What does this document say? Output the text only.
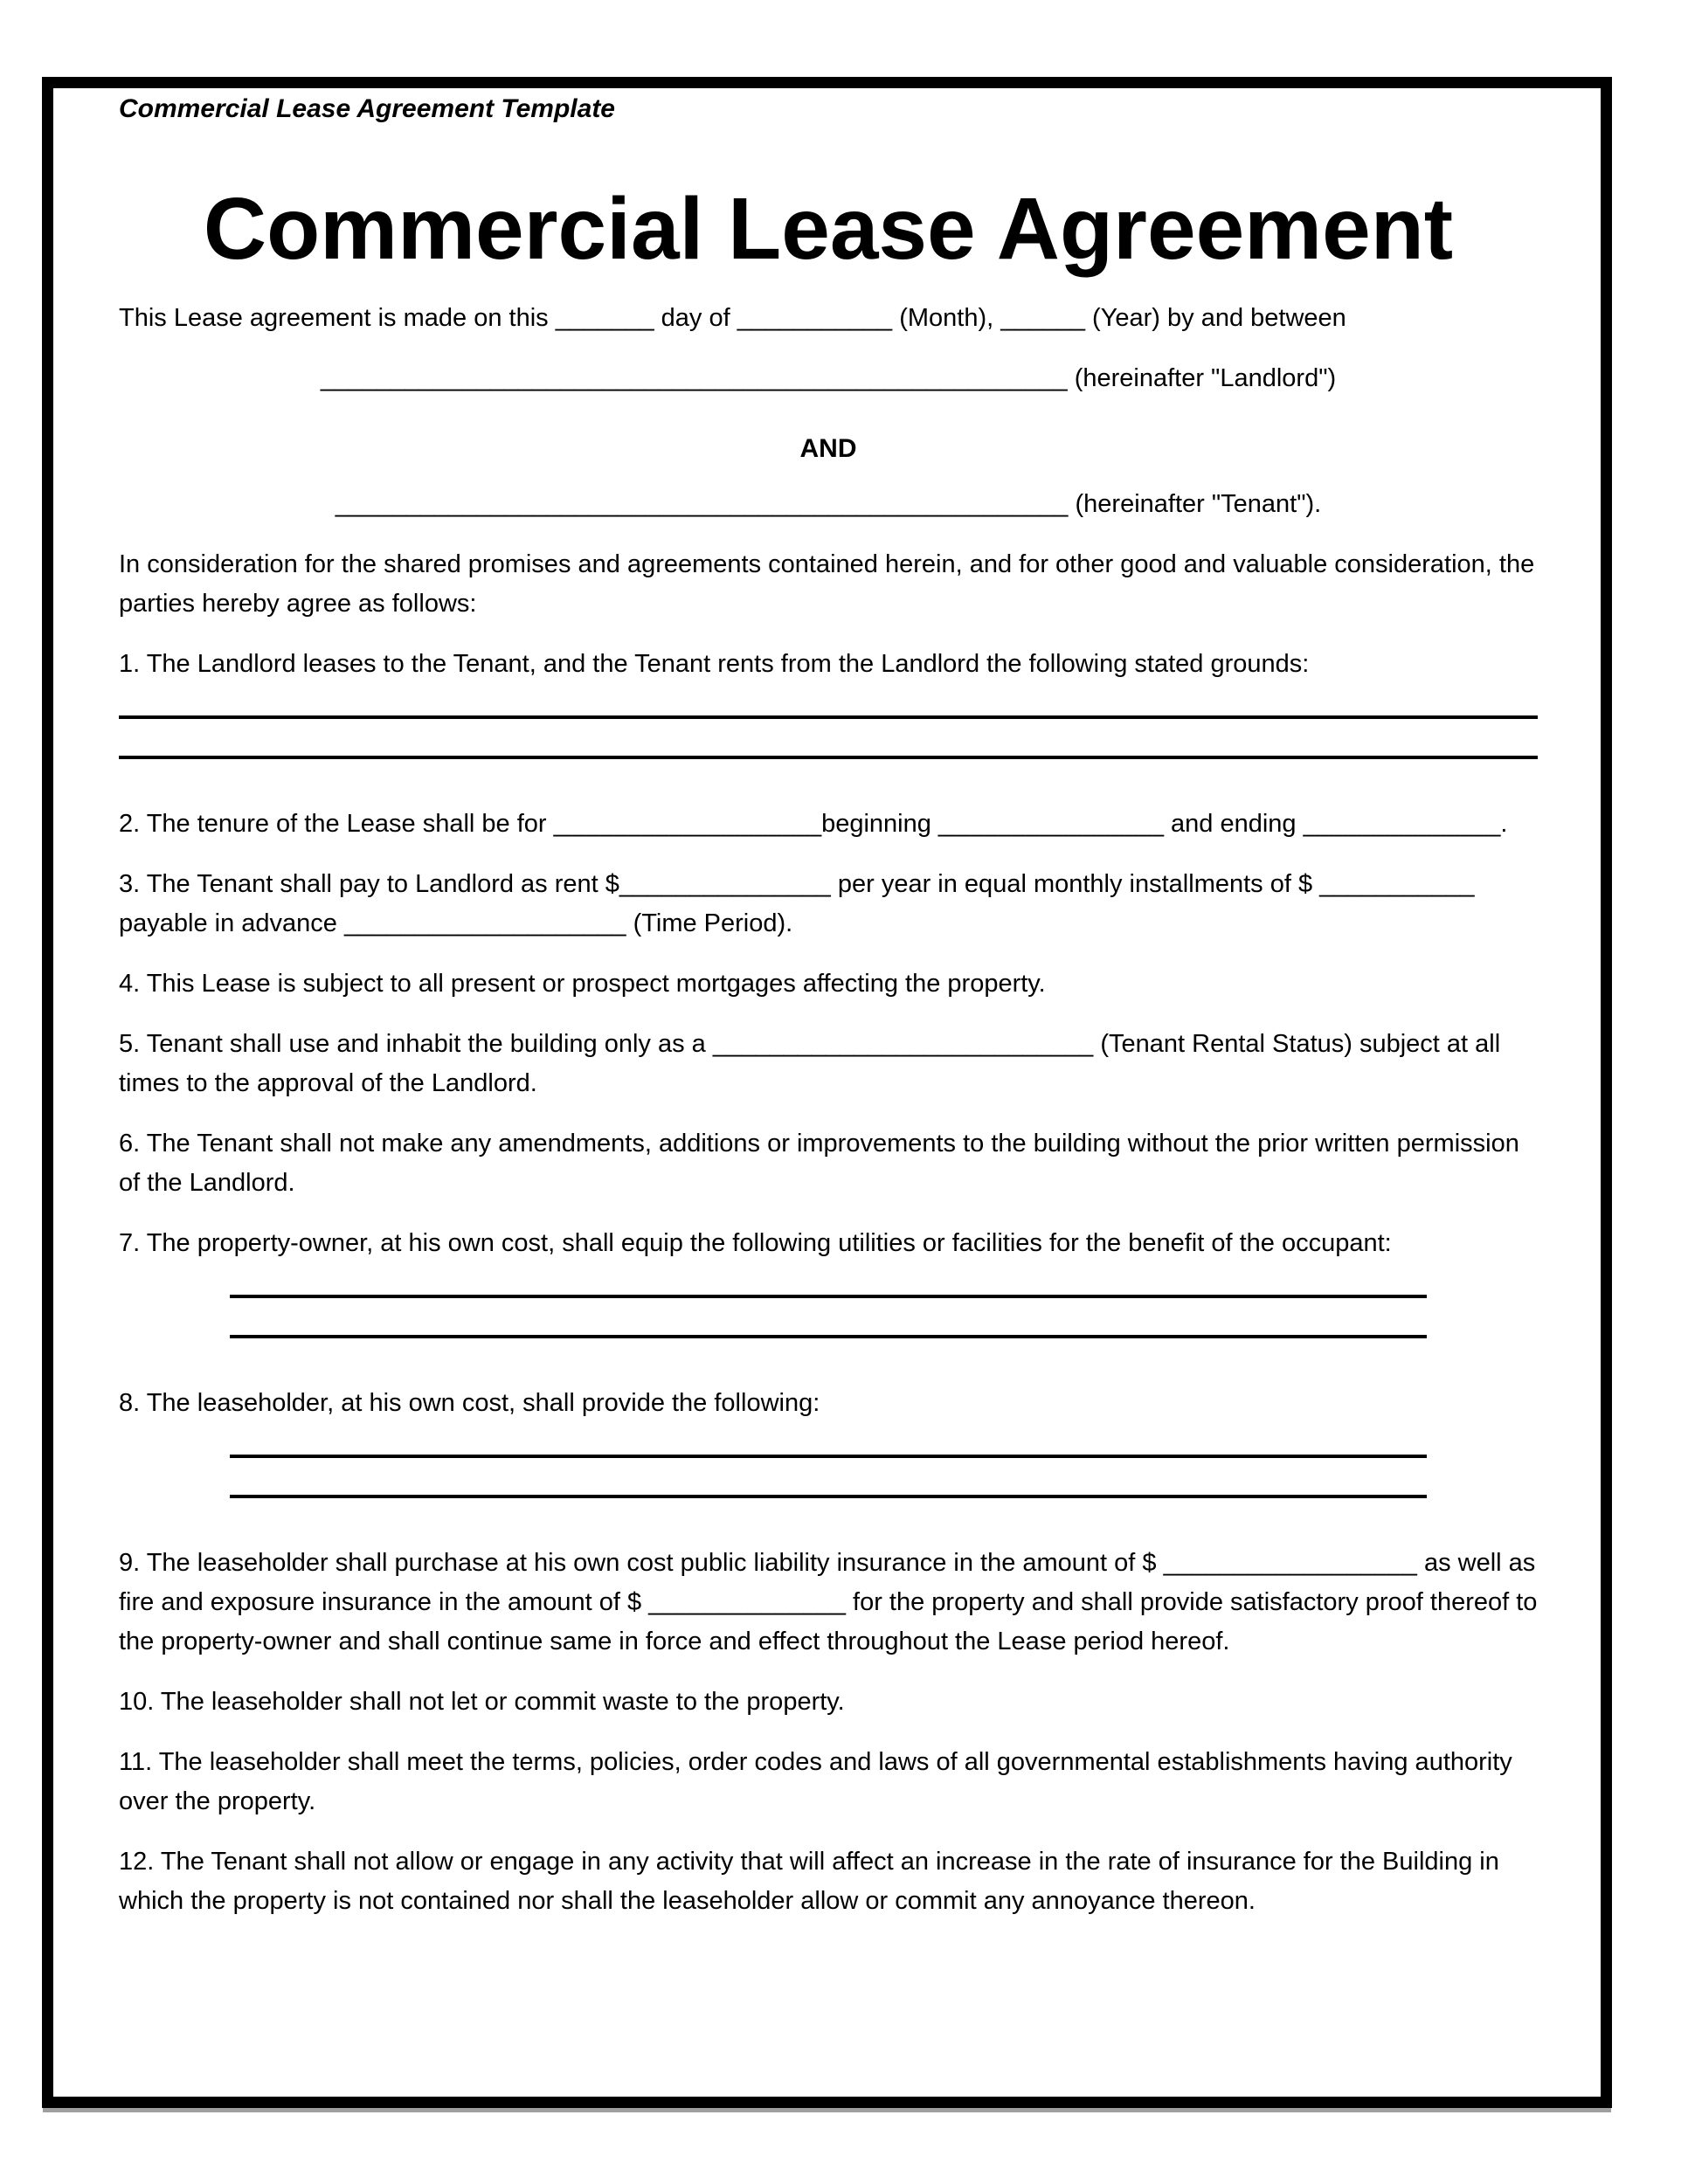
Commercial Lease Agreement Template
Commercial Lease Agreement

This Lease agreement is made on this _______ day of ___________ (Month), ______ (Year) by and between

_____________________________________________________ (hereinafter "Landlord")

AND

____________________________________________________ (hereinafter "Tenant").

In consideration for the shared promises and agreements contained herein, and for other good and valuable consideration, the parties hereby agree as follows:

1. The Landlord leases to the Tenant, and the Tenant rents from the Landlord the following stated grounds:

2. The tenure of the Lease shall be for ___________________beginning ________________ and ending ______________.

3. The Tenant shall pay to Landlord as rent $_______________ per year in equal monthly installments of $ ___________ payable in advance ____________________ (Time Period).

4. This Lease is subject to all present or prospect mortgages affecting the property.

5. Tenant shall use and inhabit the building only as a ___________________________ (Tenant Rental Status) subject at all times to the approval of the Landlord.

6. The Tenant shall not make any amendments, additions or improvements to the building without the prior written permission of the Landlord.

7. The property-owner, at his own cost, shall equip the following utilities or facilities for the benefit of the occupant:

8. The leaseholder, at his own cost, shall provide the following:

9. The leaseholder shall purchase at his own cost public liability insurance in the amount of $ __________________ as well as fire and exposure insurance in the amount of $ ______________ for the property and shall provide satisfactory proof thereof to the property-owner and shall continue same in force and effect throughout the Lease period hereof.

10. The leaseholder shall not let or commit waste to the property.

11. The leaseholder shall meet the terms, policies, order codes and laws of all governmental establishments having authority over the property.

12. The Tenant shall not allow or engage in any activity that will affect an increase in the rate of insurance for the Building in which the property is not contained nor shall the leaseholder allow or commit any annoyance thereon.
